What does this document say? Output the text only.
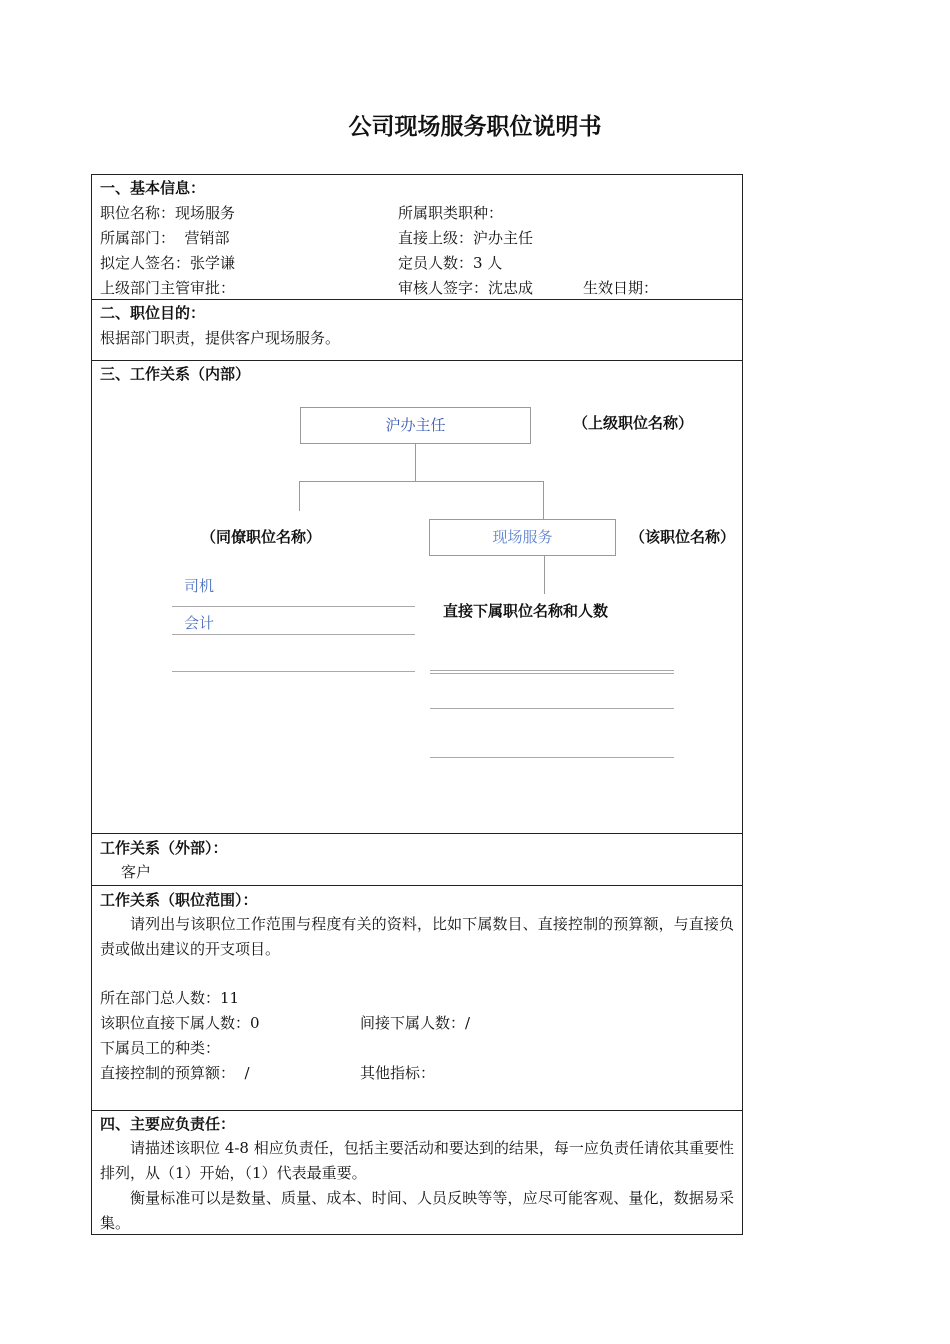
公司现场服务职位说明书
一、基本信息：
职位名称：现场服务	所属职类职种：
所属部门：  营销部	直接上级：沪办主任
拟定人签名：张学谦	定员人数：3 人
上级部门主管审批：	审核人签字：沈忠成	生效日期：
二、职位目的：
根据部门职责，提供客户现场服务。
三、工作关系（内部）
沪办主任	（上级职位名称）
（同僚职位名称）	现场服务	（该职位名称）
司机
会计
直接下属职位名称和人数
工作关系（外部）：
客户
工作关系（职位范围）：
请列出与该职位工作范围与程度有关的资料，比如下属数目、直接控制的预算额，与直接负责或做出建议的开支项目。
所在部门总人数：11
该职位直接下属人数：0	间接下属人数：/
下属员工的种类：
直接控制的预算额：  /	其他指标：
四、主要应负责任：
请描述该职位 4-8 相应负责任，包括主要活动和要达到的结果，每一应负责任请依其重要性排列，从（1）开始，（1）代表最重要。
衡量标准可以是数量、质量、成本、时间、人员反映等等，应尽可能客观、量化，数据易采集。
